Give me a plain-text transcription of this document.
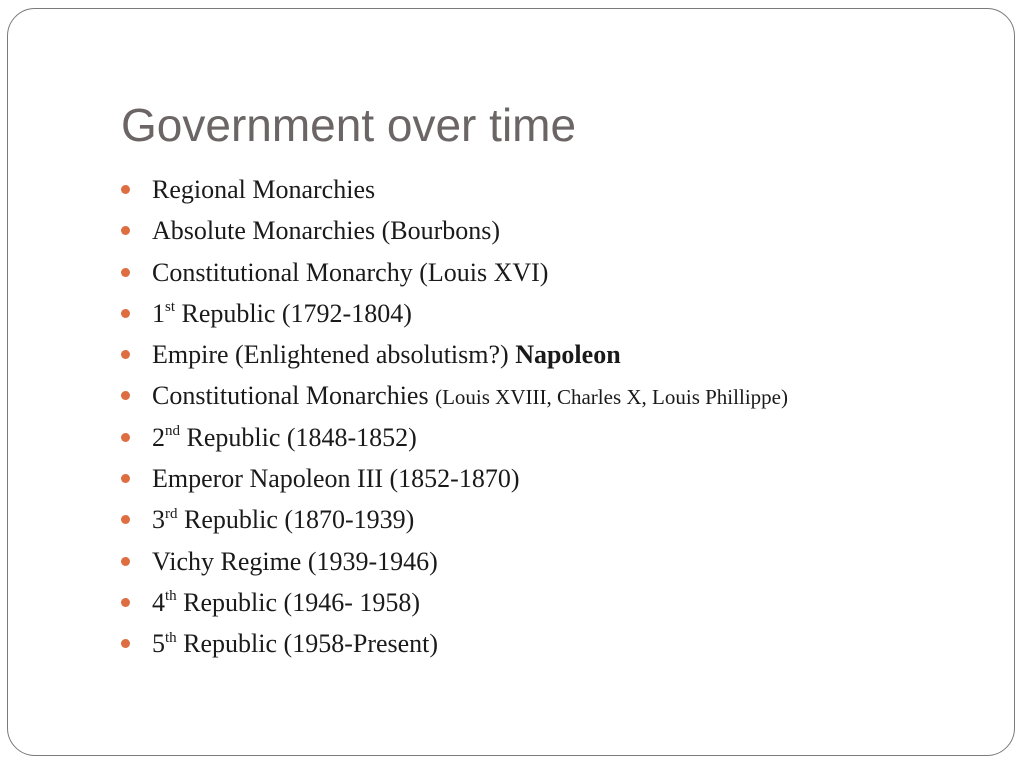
Government over time
Regional Monarchies
Absolute Monarchies (Bourbons)
Constitutional Monarchy (Louis XVI)
1st Republic (1792-1804)
Empire (Enlightened absolutism?) Napoleon
Constitutional Monarchies (Louis XVIII, Charles X, Louis Phillippe)
2nd Republic (1848-1852)
Emperor Napoleon III (1852-1870)
3rd Republic (1870-1939)
Vichy Regime (1939-1946)
4th Republic (1946- 1958)
5th Republic (1958-Present)
